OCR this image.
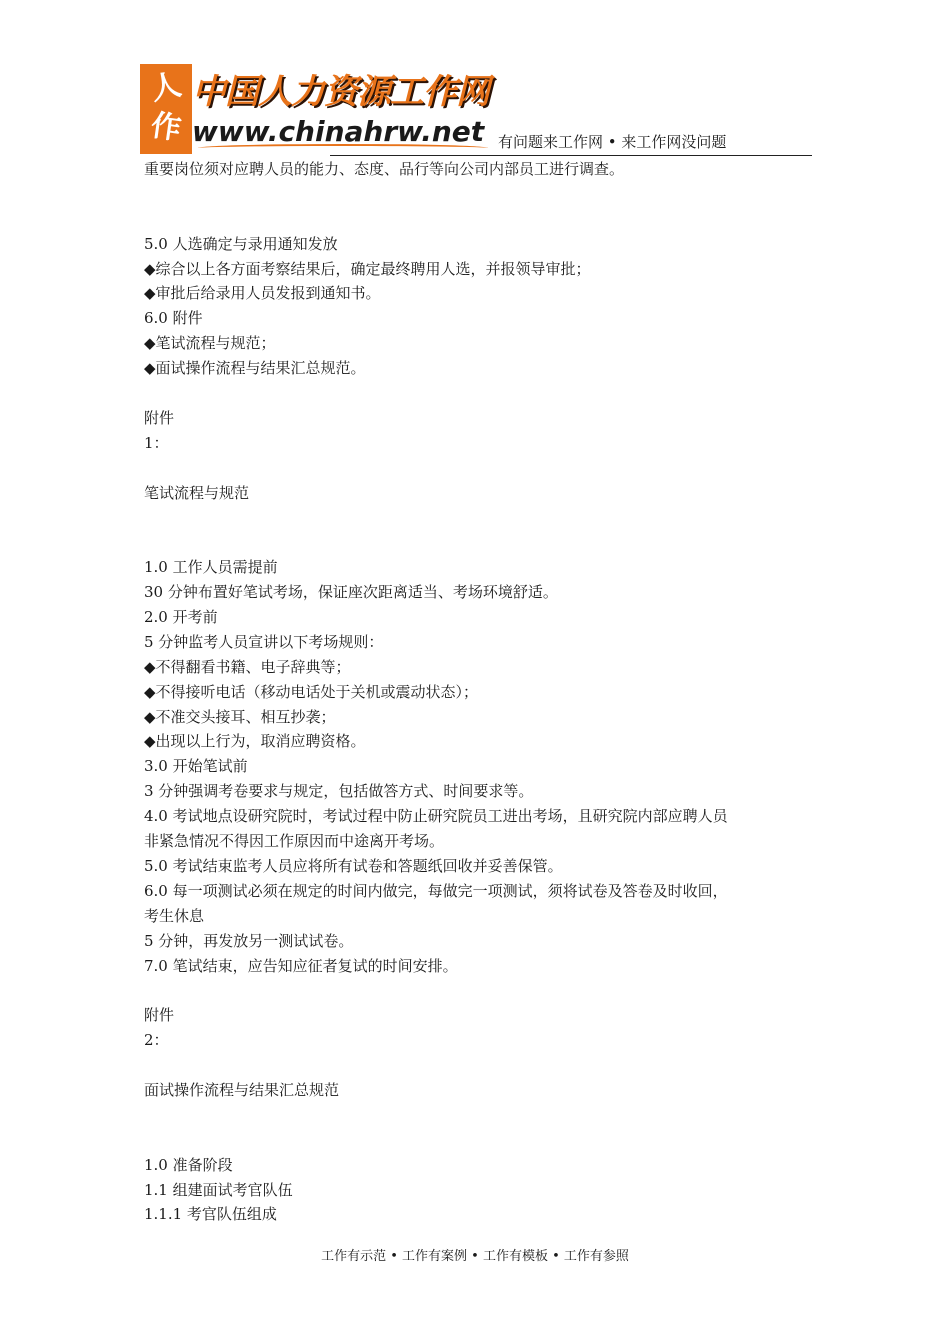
人
作
中国人力资源工作网
www.chinahrw.net 有问题来工作网 • 来工作网没问题
重要岗位须对应聘人员的能力、态度、品行等向公司内部员工进行调查。
5.0 人选确定与录用通知发放
◆综合以上各方面考察结果后，确定最终聘用人选，并报领导审批；
◆审批后给录用人员发报到通知书。
6.0 附件
◆笔试流程与规范；
◆面试操作流程与结果汇总规范。
附件
1：
笔试流程与规范
1.0 工作人员需提前
30 分钟布置好笔试考场，保证座次距离适当、考场环境舒适。
2.0 开考前
5 分钟监考人员宣讲以下考场规则：
◆不得翻看书籍、电子辞典等；
◆不得接听电话（移动电话处于关机或震动状态）；
◆不准交头接耳、相互抄袭；
◆出现以上行为，取消应聘资格。
3.0 开始笔试前
3 分钟强调考卷要求与规定，包括做答方式、时间要求等。
4.0 考试地点设研究院时，考试过程中防止研究院员工进出考场，且研究院内部应聘人员
非紧急情况不得因工作原因而中途离开考场。
5.0 考试结束监考人员应将所有试卷和答题纸回收并妥善保管。
6.0 每一项测试必须在规定的时间内做完，每做完一项测试，须将试卷及答卷及时收回，
考生休息
5 分钟，再发放另一测试试卷。
7.0 笔试结束，应告知应征者复试的时间安排。
附件
2：
面试操作流程与结果汇总规范
1.0 准备阶段
1.1 组建面试考官队伍
1.1.1 考官队伍组成
工作有示范 • 工作有案例 • 工作有模板 • 工作有参照
